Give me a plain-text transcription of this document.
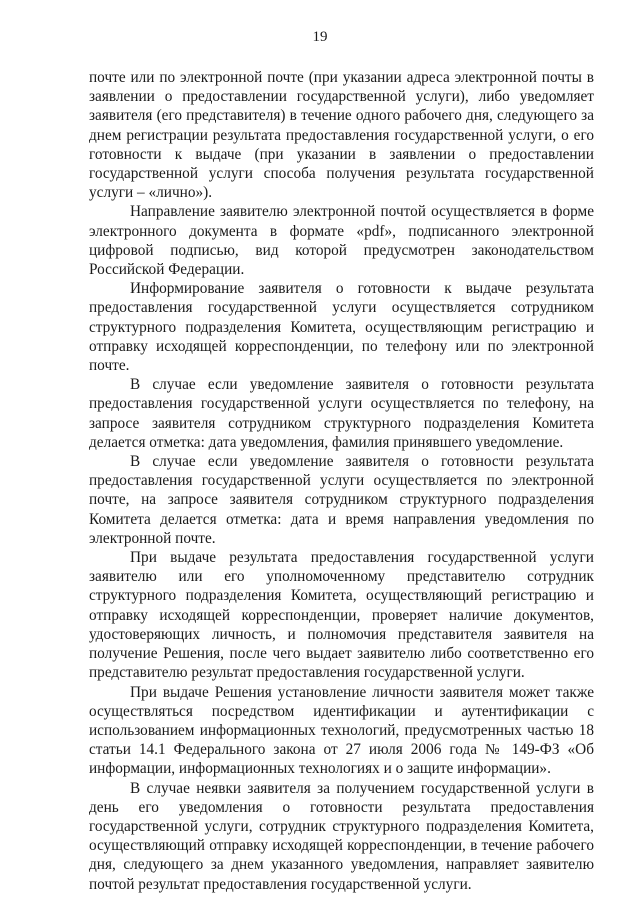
19

почте или по электронной почте (при указании адреса электронной почты в заявлении о предоставлении государственной услуги), либо уведомляет заявителя (его представителя) в течение одного рабочего дня, следующего за днем регистрации результата предоставления государственной услуги, о его готовности к выдаче (при указании в заявлении о предоставлении государственной услуги способа получения результата государственной услуги – «лично»).

Направление заявителю электронной почтой осуществляется в форме электронного документа в формате «pdf», подписанного электронной цифровой подписью, вид которой предусмотрен законодательством Российской Федерации.

Информирование заявителя о готовности к выдаче результата предоставления государственной услуги осуществляется сотрудником структурного подразделения Комитета, осуществляющим регистрацию и отправку исходящей корреспонденции, по телефону или по электронной почте.

В случае если уведомление заявителя о готовности результата предоставления государственной услуги осуществляется по телефону, на запросе заявителя сотрудником структурного подразделения Комитета делается отметка: дата уведомления, фамилия принявшего уведомление.

В случае если уведомление заявителя о готовности результата предоставления государственной услуги осуществляется по электронной почте, на запросе заявителя сотрудником структурного подразделения Комитета делается отметка: дата и время направления уведомления по электронной почте.

При выдаче результата предоставления государственной услуги заявителю или его уполномоченному представителю сотрудник структурного подразделения Комитета, осуществляющий регистрацию и отправку исходящей корреспонденции, проверяет наличие документов, удостоверяющих личность, и полномочия представителя заявителя на получение Решения, после чего выдает заявителю либо соответственно его представителю результат предоставления государственной услуги.

При выдаче Решения установление личности заявителя может также осуществляться посредством идентификации и аутентификации с использованием информационных технологий, предусмотренных частью 18 статьи 14.1 Федерального закона от 27 июля 2006 года № 149-ФЗ «Об информации, информационных технологиях и о защите информации».

В случае неявки заявителя за получением государственной услуги в день его уведомления о готовности результата предоставления государственной услуги, сотрудник структурного подразделения Комитета, осуществляющий отправку исходящей корреспонденции, в течение рабочего дня, следующего за днем указанного уведомления, направляет заявителю почтой результат предоставления государственной услуги.
